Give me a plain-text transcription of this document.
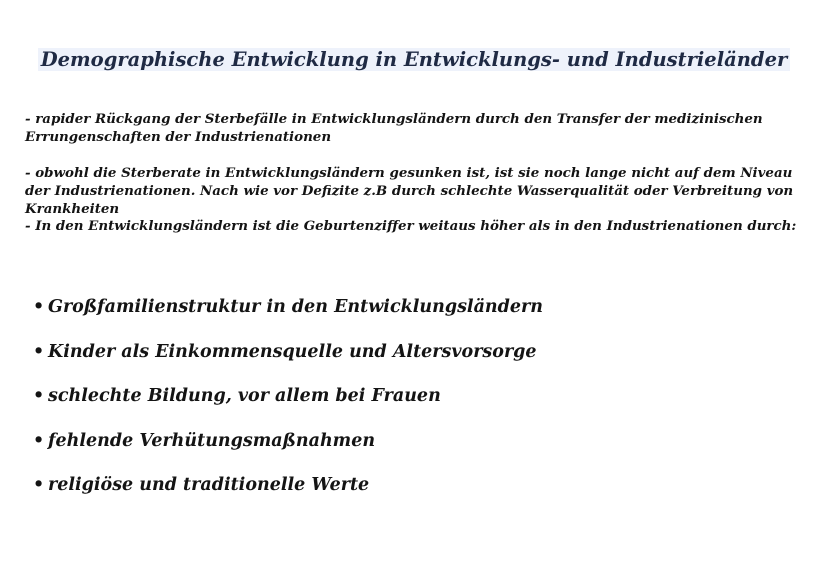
Demographische Entwicklung in Entwicklungs- und Industrieländer
- rapider Rückgang der Sterbefälle in Entwicklungsländern durch den Transfer der medizinischen Errungenschaften der Industrienationen
- obwohl die Sterberate in Entwicklungsländern gesunken ist, ist sie noch lange nicht auf dem Niveau der Industrienationen. Nach wie vor Defizite z.B durch schlechte Wasserqualität oder Verbreitung von Krankheiten
- In den Entwicklungsländern ist die Geburtenziffer weitaus höher als in den Industrienationen durch:
• Großfamilienstruktur in den Entwicklungsländern
• Kinder als Einkommensquelle und Altersvorsorge
• schlechte Bildung, vor allem bei Frauen
• fehlende Verhütungsmaßnahmen
• religiöse und traditionelle Werte
